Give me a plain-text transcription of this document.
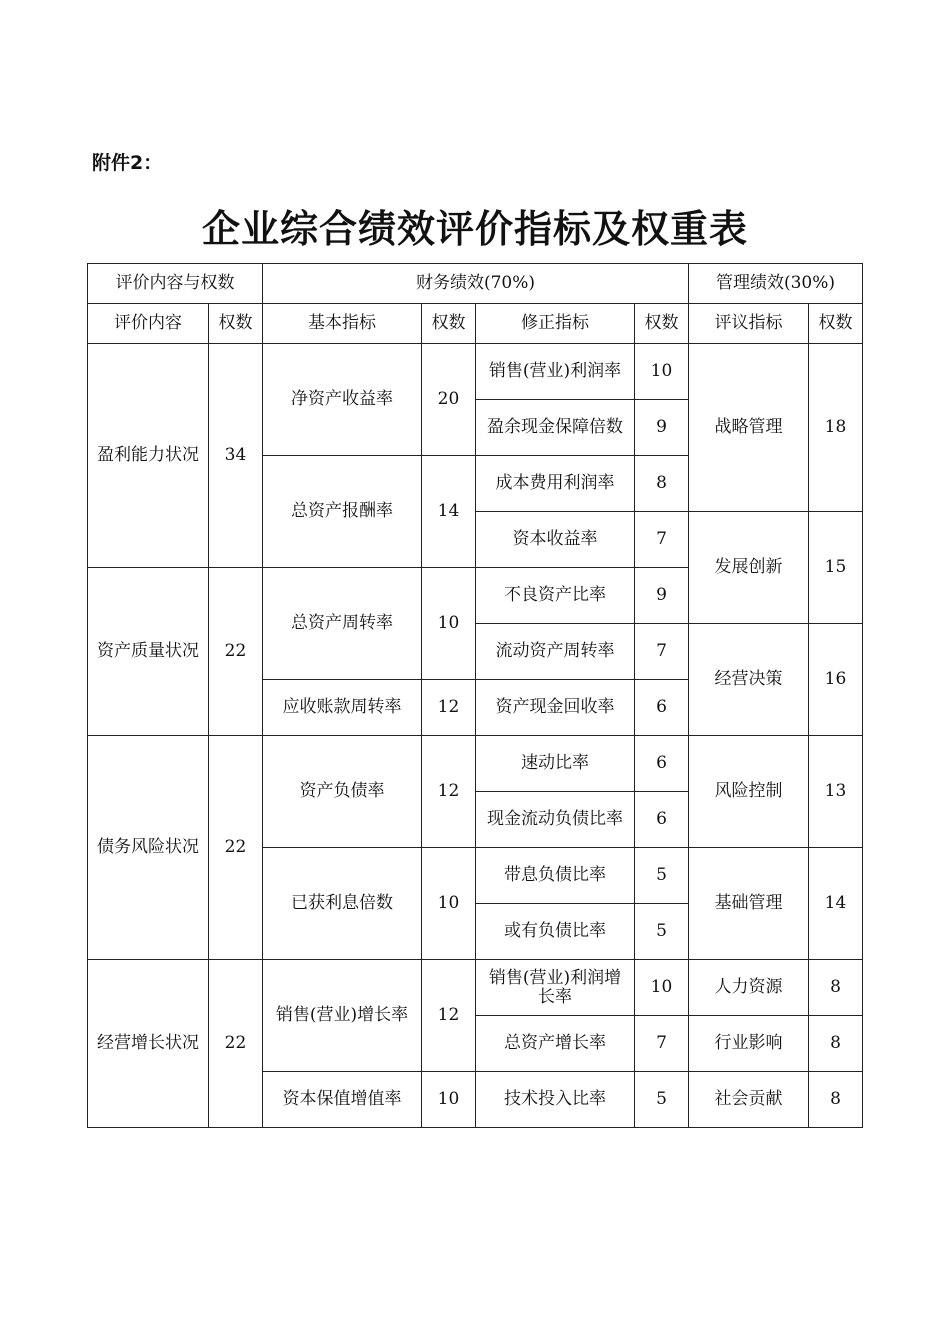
附件2：
企业综合绩效评价指标及权重表
评价内容与权数		财务绩效(70%)				管理绩效(30%)	
评价内容	权数	基本指标	权数	修正指标	权数	评议指标	权数
盈利能力状况	34	净资产收益率	20	销售(营业)利润率	10	战略管理	18
				盈余现金保障倍数	9		
		总资产报酬率	14	成本费用利润率	8		
				资本收益率	7	发展创新	15
资产质量状况	22	总资产周转率	10	不良资产比率	9		
				流动资产周转率	7	经营决策	16
		应收账款周转率	12	资产现金回收率	6		
债务风险状况	22	资产负债率	12	速动比率	6	风险控制	13
				现金流动负债比率	6		
		已获利息倍数	10	带息负债比率	5	基础管理	14
				或有负债比率	5		
经营增长状况	22	销售(营业)增长率	12	销售(营业)利润增长率	10	人力资源	8
				总资产增长率	7	行业影响	8
		资本保值增值率	10	技术投入比率	5	社会贡献	8
